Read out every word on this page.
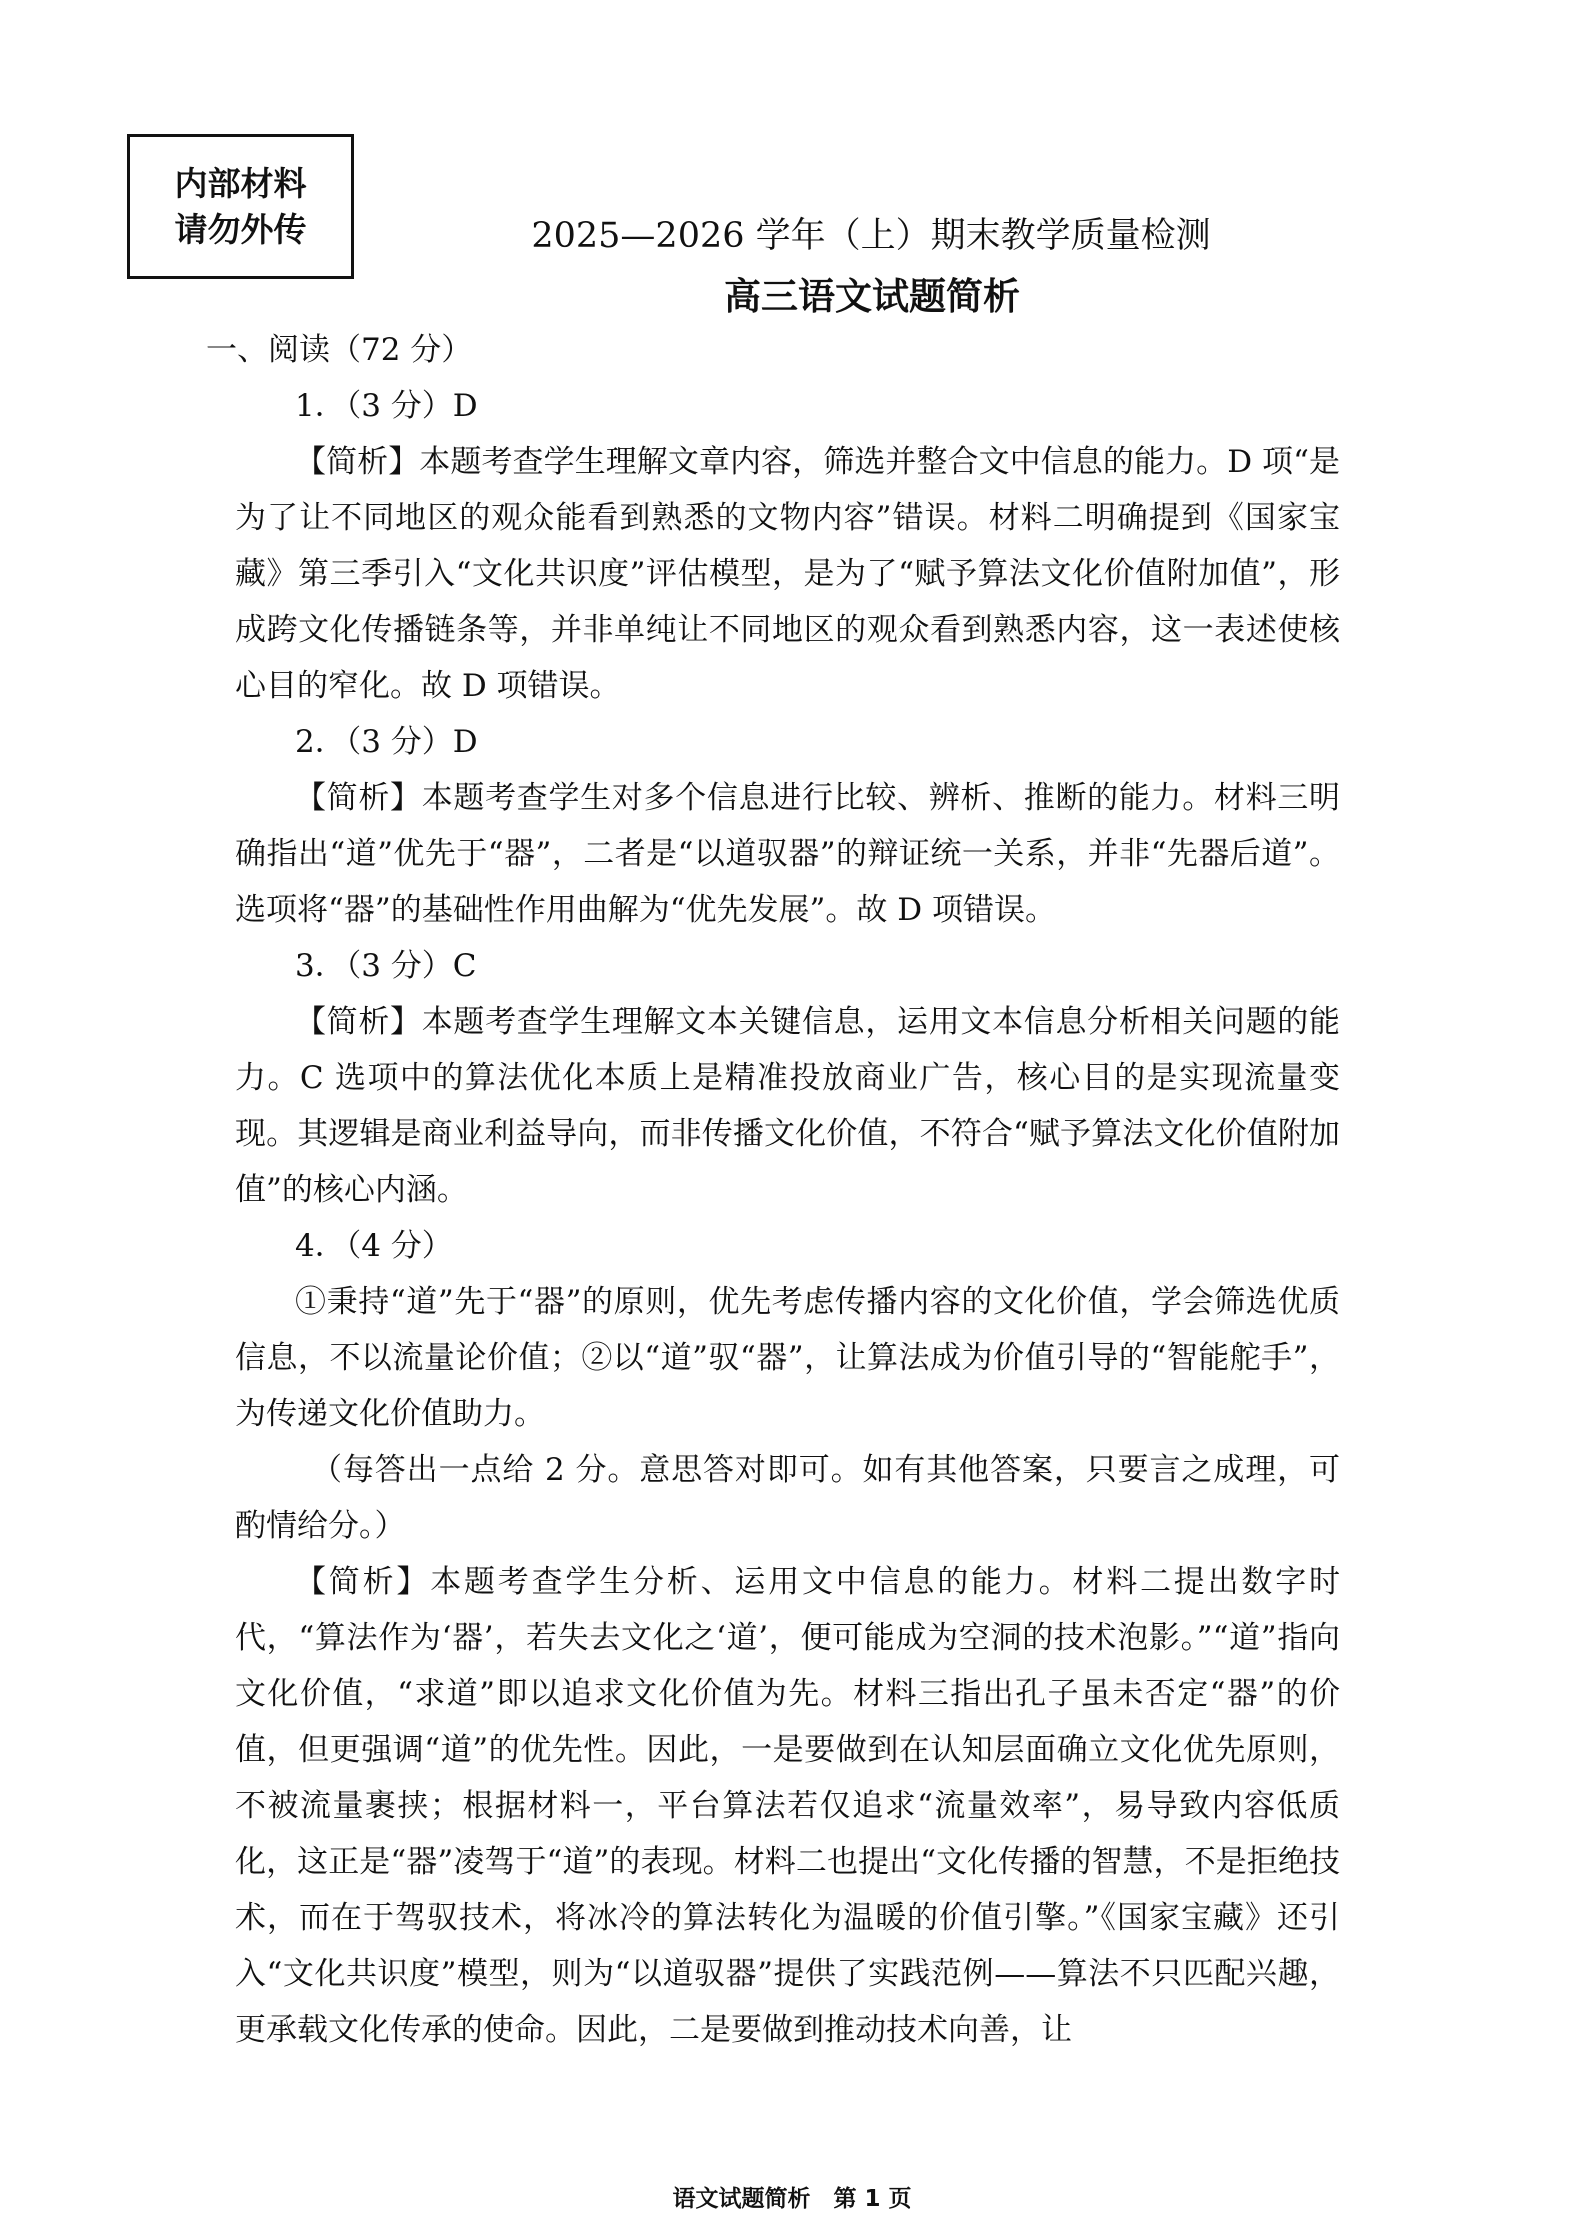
内部材料
请勿外传	2025—2026 学年（上）期末教学质量检测
高三语文试题简析

一、阅读（72 分）

1．（3 分）D

【简析】本题考查学生理解文章内容，筛选并整合文中信息的能力。D 项“是为了让不同地区的观众能看到熟悉的文物内容”错误。材料二明确提到《国家宝藏》第三季引入“文化共识度”评估模型，是为了“赋予算法文化价值附加值”，形成跨文化传播链条等，并非单纯让不同地区的观众看到熟悉内容，这一表述使核心目的窄化。故 D 项错误。

2．（3 分）D

【简析】本题考查学生对多个信息进行比较、辨析、推断的能力。材料三明确指出“道”优先于“器”，二者是“以道驭器”的辩证统一关系，并非“先器后道”。选项将“器”的基础性作用曲解为“优先发展”。故 D 项错误。

3．（3 分）C

【简析】本题考查学生理解文本关键信息，运用文本信息分析相关问题的能力。C 选项中的算法优化本质上是精准投放商业广告，核心目的是实现流量变现。其逻辑是商业利益导向，而非传播文化价值，不符合“赋予算法文化价值附加值”的核心内涵。

4．（4 分）

①秉持“道”先于“器”的原则，优先考虑传播内容的文化价值，学会筛选优质信息，不以流量论价值；②以“道”驭“器”，让算法成为价值引导的“智能舵手”，为传递文化价值助力。

（每答出一点给 2 分。意思答对即可。如有其他答案，只要言之成理，可酌情给分。）

【简析】本题考查学生分析、运用文中信息的能力。材料二提出数字时代，“算法作为‘器’，若失去文化之‘道’，便可能成为空洞的技术泡影。”“道”指向文化价值，“求道”即以追求文化价值为先。材料三指出孔子虽未否定“器”的价值，但更强调“道”的优先性。因此，一是要做到在认知层面确立文化优先原则，不被流量裹挟；根据材料一，平台算法若仅追求“流量效率”，易导致内容低质化，这正是“器”凌驾于“道”的表现。材料二也提出“文化传播的智慧，不是拒绝技术，而在于驾驭技术，将冰冷的算法转化为温暖的价值引擎。”《国家宝藏》还引入“文化共识度”模型，则为“以道驭器”提供了实践范例——算法不只匹配兴趣，更承载文化传承的使命。因此，二是要做到推动技术向善，让

语文试题简析　第 1 页
